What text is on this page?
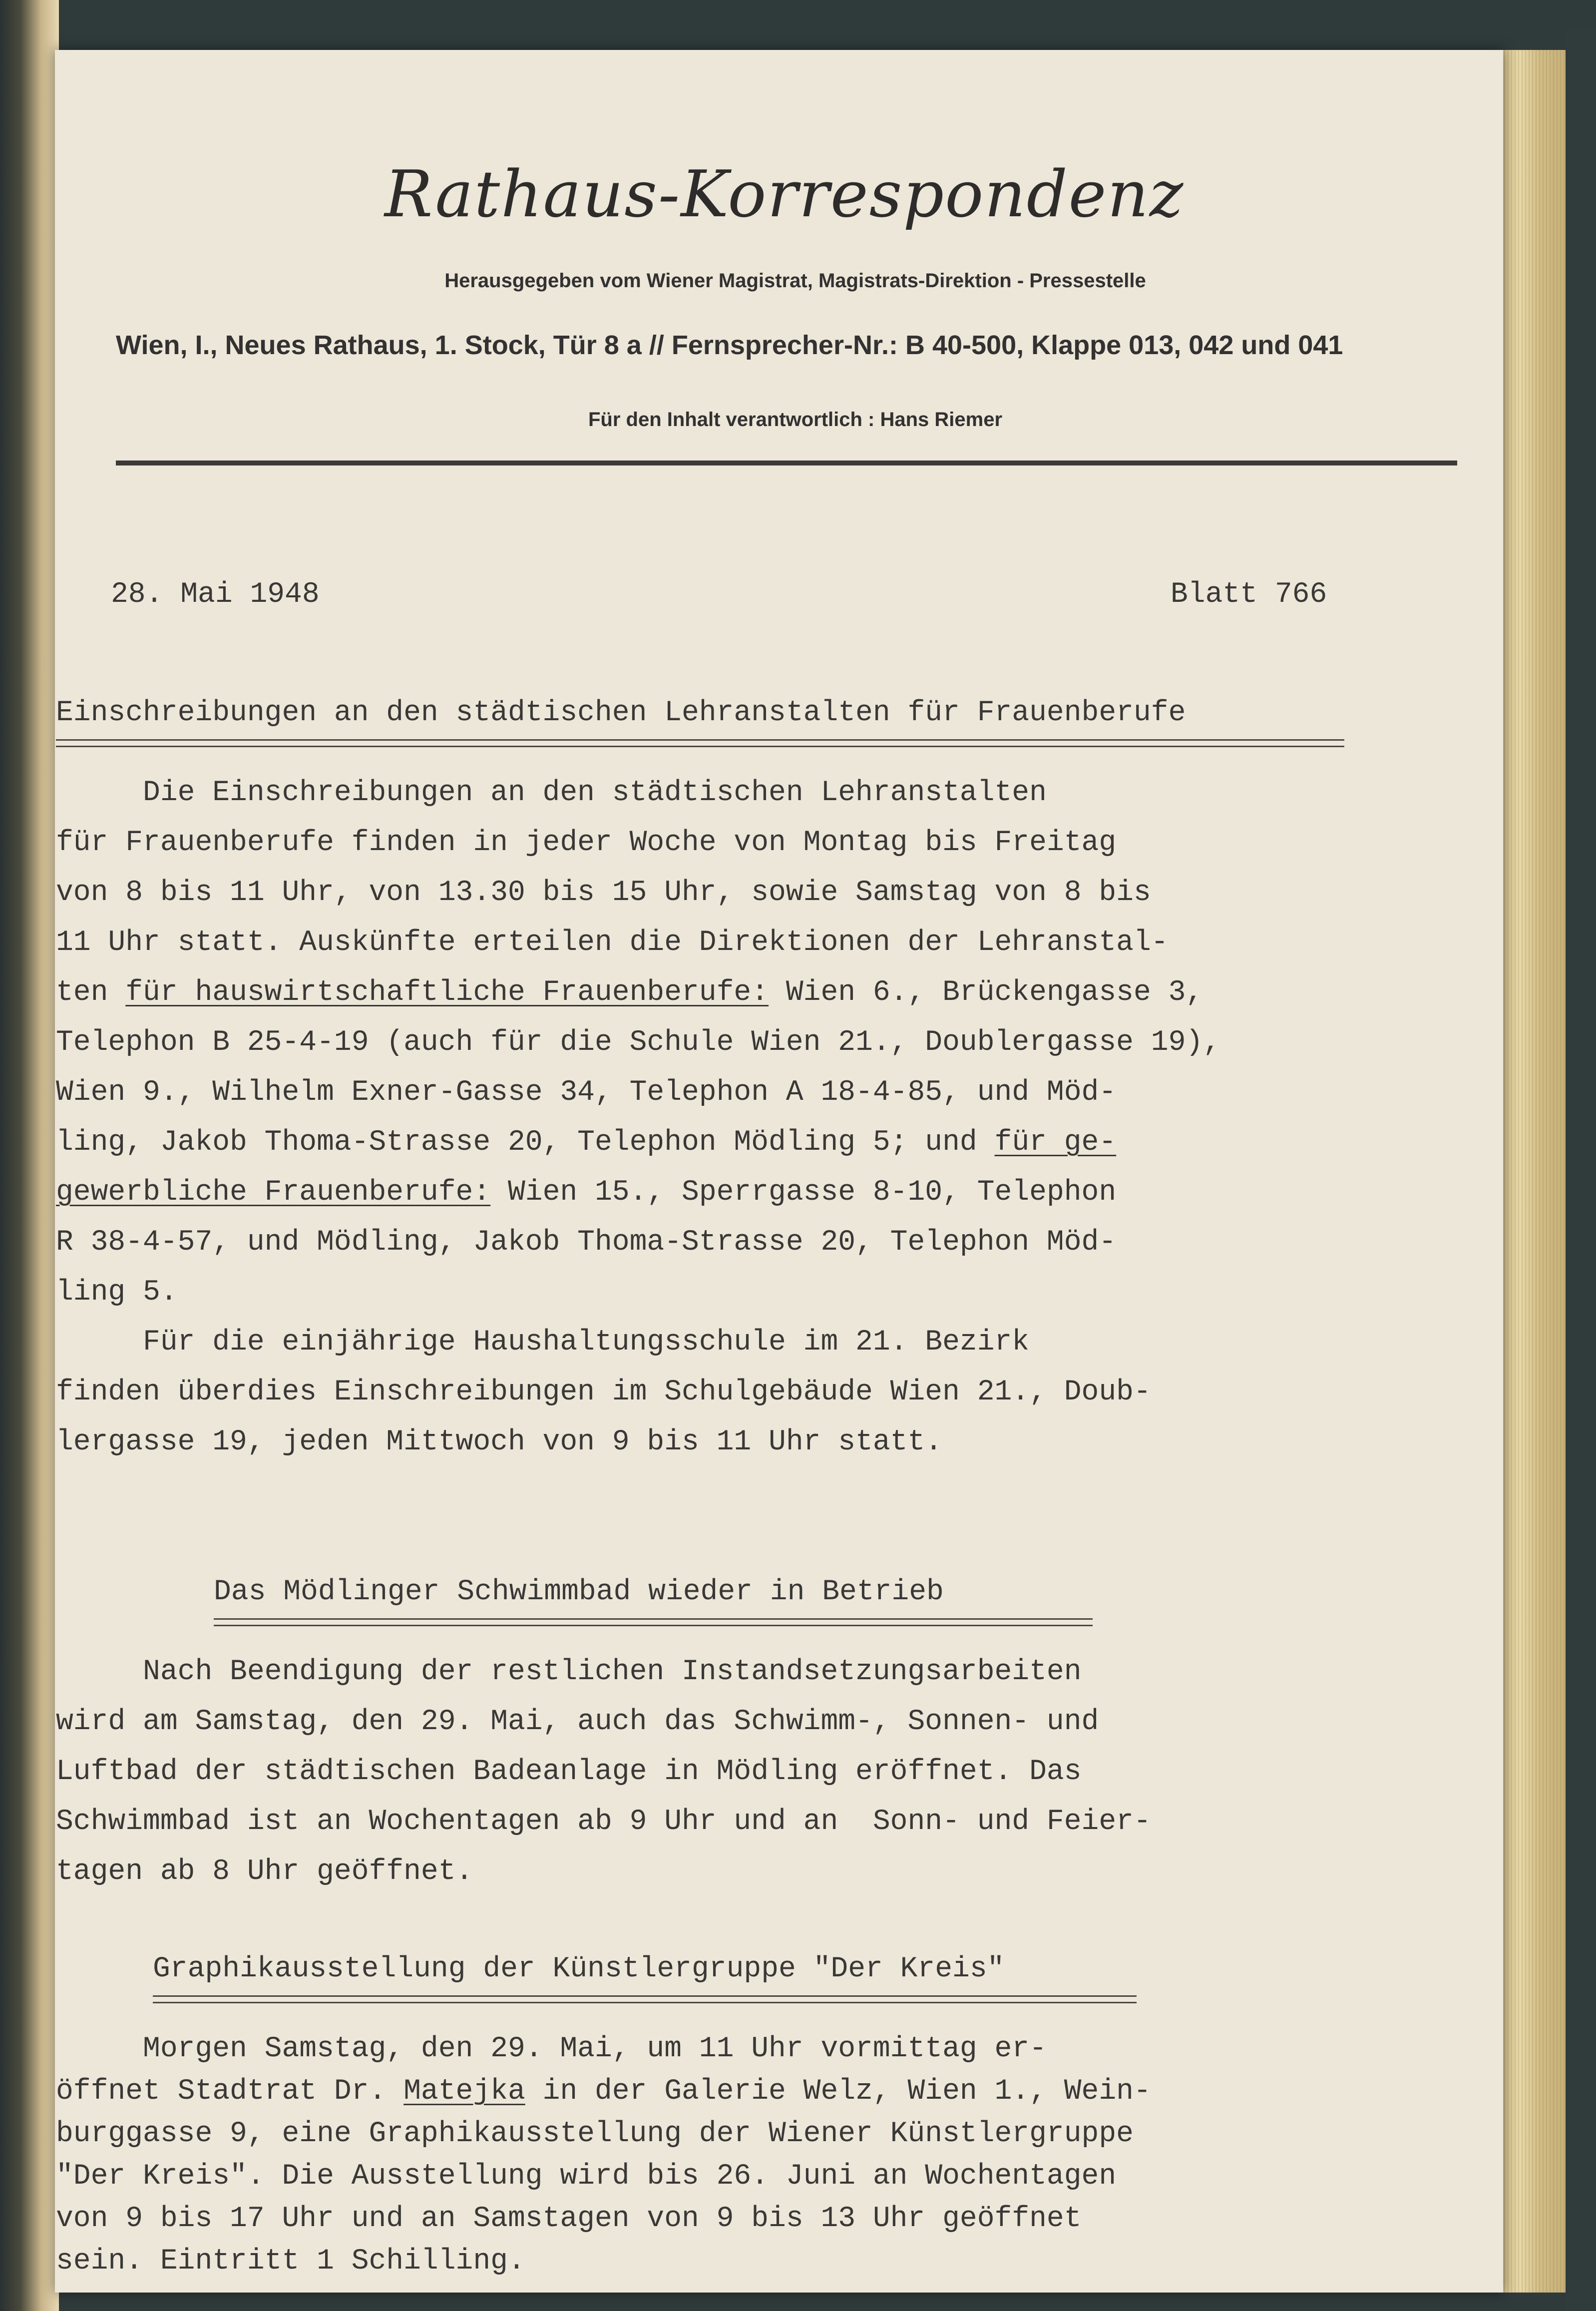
Rathaus-Korrespondenz
Herausgegeben vom Wiener Magistrat, Magistrats-Direktion - Pressestelle
Wien, I., Neues Rathaus, 1. Stock, Tür 8 a // Fernsprecher-Nr.: B 40-500, Klappe 013, 042 und 041
Für den Inhalt verantwortlich : Hans Riemer
28. Mai 1948	Blatt 766
Einschreibungen an den städtischen Lehranstalten für Frauenberufe
Die Einschreibungen an den städtischen Lehranstalten
für Frauenberufe finden in jeder Woche von Montag bis Freitag
von 8 bis 11 Uhr, von 13.30 bis 15 Uhr, sowie Samstag von 8 bis
11 Uhr statt. Auskünfte erteilen die Direktionen der Lehranstal-
ten für hauswirtschaftliche Frauenberufe: Wien 6., Brückengasse 3,
Telephon B 25-4-19 (auch für die Schule Wien 21., Doublergasse 19),
Wien 9., Wilhelm Exner-Gasse 34, Telephon A 18-4-85, und Möd-
ling, Jakob Thoma-Strasse 20, Telephon Mödling 5; und für ge-
gewerbliche Frauenberufe: Wien 15., Sperrgasse 8-10, Telephon
R 38-4-57, und Mödling, Jakob Thoma-Strasse 20, Telephon Möd-
ling 5.
Für die einjährige Haushaltungsschule im 21. Bezirk
finden überdies Einschreibungen im Schulgebäude Wien 21., Doub-
lergasse 19, jeden Mittwoch von 9 bis 11 Uhr statt.
Das Mödlinger Schwimmbad wieder in Betrieb
Nach Beendigung der restlichen Instandsetzungsarbeiten
wird am Samstag, den 29. Mai, auch das Schwimm-, Sonnen- und
Luftbad der städtischen Badeanlage in Mödling eröffnet. Das
Schwimmbad ist an Wochentagen ab 9 Uhr und an  Sonn- und Feier-
tagen ab 8 Uhr geöffnet.
Graphikausstellung der Künstlergruppe "Der Kreis"
Morgen Samstag, den 29. Mai, um 11 Uhr vormittag er-
öffnet Stadtrat Dr. Matejka in der Galerie Welz, Wien 1., Wein-
burggasse 9, eine Graphikausstellung der Wiener Künstlergruppe
"Der Kreis". Die Ausstellung wird bis 26. Juni an Wochentagen
von 9 bis 17 Uhr und an Samstagen von 9 bis 13 Uhr geöffnet
sein. Eintritt 1 Schilling.
